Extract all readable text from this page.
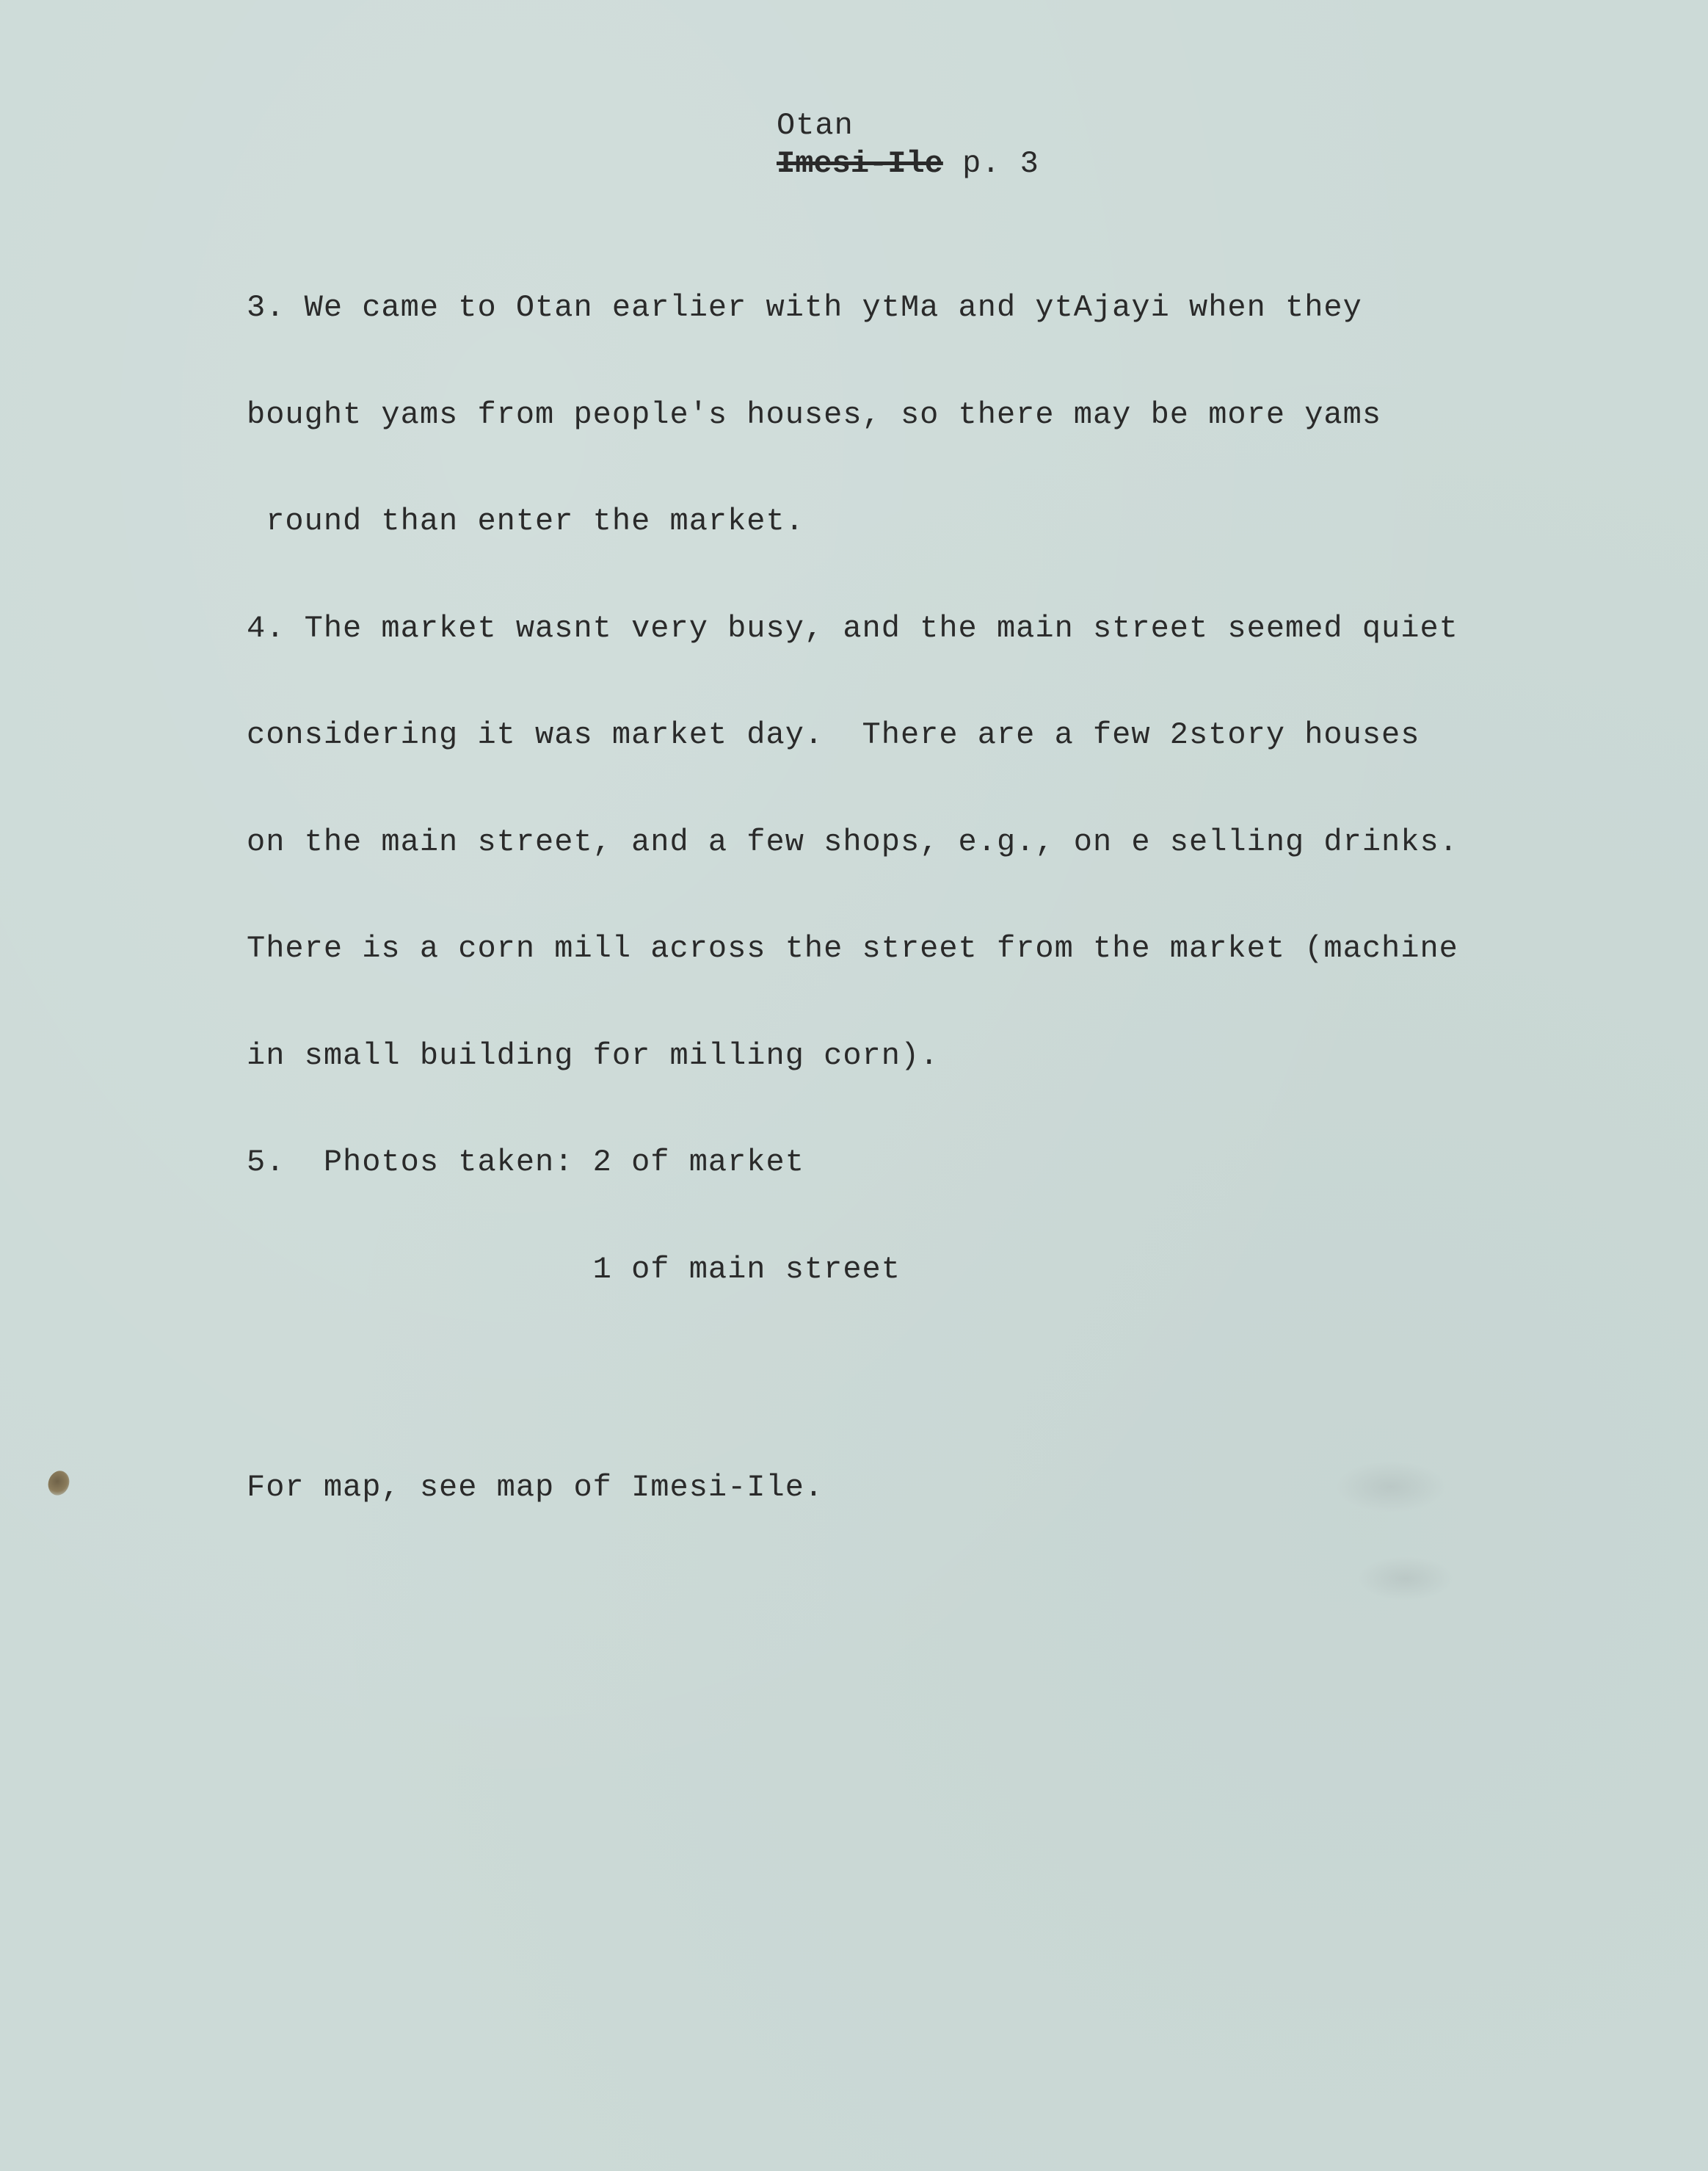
Otan
Imesi-Ile p. 3

3. We came to Otan earlier with ytMa and ytAjayi when they

bought yams from people's houses, so there may be more yams

round than enter the market.

4. The market wasnt very busy, and the main street seemed quiet

considering it was market day.  There are a few 2story houses

on the main street, and a few shops, e.g., on e selling drinks.

There is a corn mill across the street from the market (machine

in small building for milling corn).

5.  Photos taken: 2 of market

1 of main street

For map, see map of Imesi-Ile.
